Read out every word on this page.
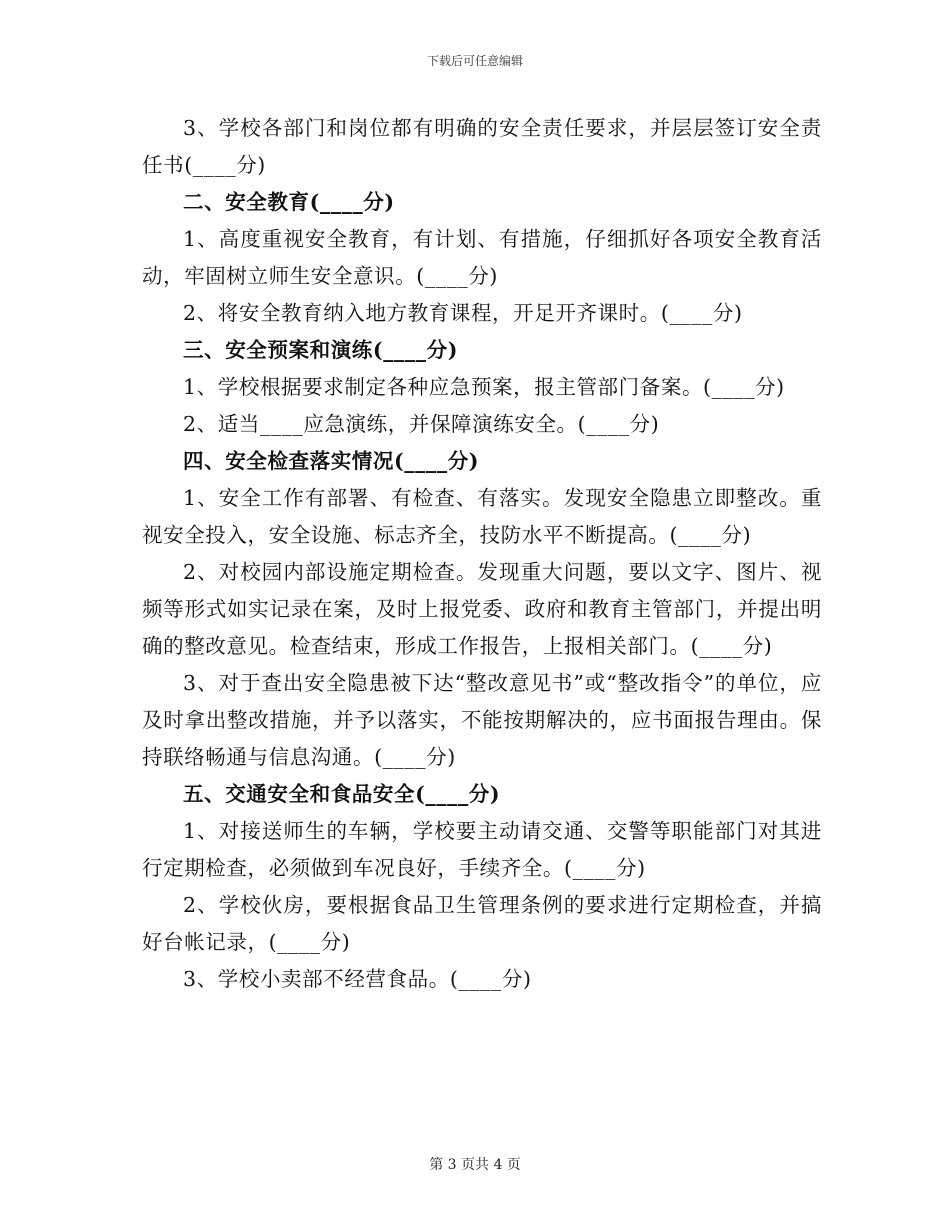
下载后可任意编辑

3、学校各部门和岗位都有明确的安全责任要求，并层层签订安全责任书(____分)

二、安全教育(____分)

1、高度重视安全教育，有计划、有措施，仔细抓好各项安全教育活动，牢固树立师生安全意识。(____分)

2、将安全教育纳入地方教育课程，开足开齐课时。(____分)

三、安全预案和演练(____分)

1、学校根据要求制定各种应急预案，报主管部门备案。(____分)

2、适当____应急演练，并保障演练安全。(____分)

四、安全检查落实情况(____分)

1、安全工作有部署、有检查、有落实。发现安全隐患立即整改。重视安全投入，安全设施、标志齐全，技防水平不断提高。(____分)

2、对校园内部设施定期检查。发现重大问题，要以文字、图片、视频等形式如实记录在案，及时上报党委、政府和教育主管部门，并提出明确的整改意见。检查结束，形成工作报告，上报相关部门。(____分)

3、对于查出安全隐患被下达“整改意见书”或“整改指令”的单位，应及时拿出整改措施，并予以落实，不能按期解决的，应书面报告理由。保持联络畅通与信息沟通。(____分)

五、交通安全和食品安全(____分)

1、对接送师生的车辆，学校要主动请交通、交警等职能部门对其进行定期检查，必须做到车况良好，手续齐全。(____分)

2、学校伙房，要根据食品卫生管理条例的要求进行定期检查，并搞好台帐记录，(____分)

3、学校小卖部不经营食品。(____分)

第 3 页共 4 页
